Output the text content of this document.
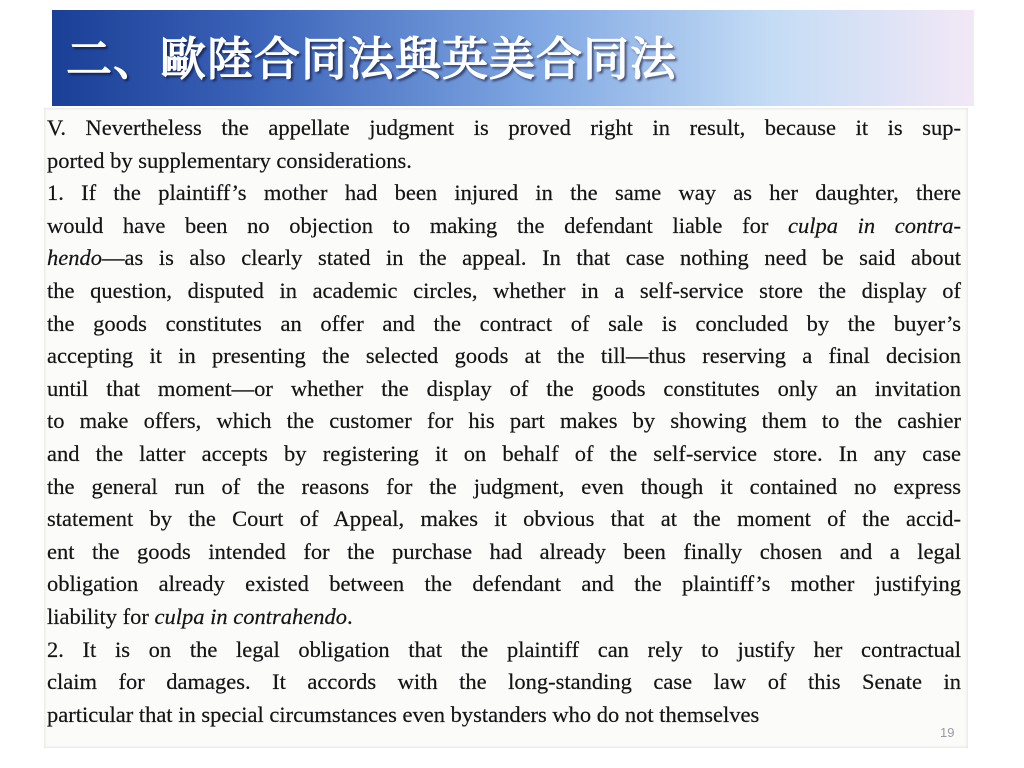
二、歐陸合同法與英美合同法
V. Nevertheless the appellate judgment is proved right in result, because it is sup-
ported by supplementary considerations.
1. If the plaintiff’s mother had been injured in the same way as her daughter, there
would have been no objection to making the defendant liable for culpa in contra-
hendo—as is also clearly stated in the appeal. In that case nothing need be said about
the question, disputed in academic circles, whether in a self-service store the display of
the goods constitutes an offer and the contract of sale is concluded by the buyer’s
accepting it in presenting the selected goods at the till—thus reserving a final decision
until that moment—or whether the display of the goods constitutes only an invitation
to make offers, which the customer for his part makes by showing them to the cashier
and the latter accepts by registering it on behalf of the self-service store. In any case
the general run of the reasons for the judgment, even though it contained no express
statement by the Court of Appeal, makes it obvious that at the moment of the accid-
ent the goods intended for the purchase had already been finally chosen and a legal
obligation already existed between the defendant and the plaintiff’s mother justifying
liability for culpa in contrahendo.
2. It is on the legal obligation that the plaintiff can rely to justify her contractual
claim for damages. It accords with the long-standing case law of this Senate in
particular that in special circumstances even bystanders who do not themselves
19
